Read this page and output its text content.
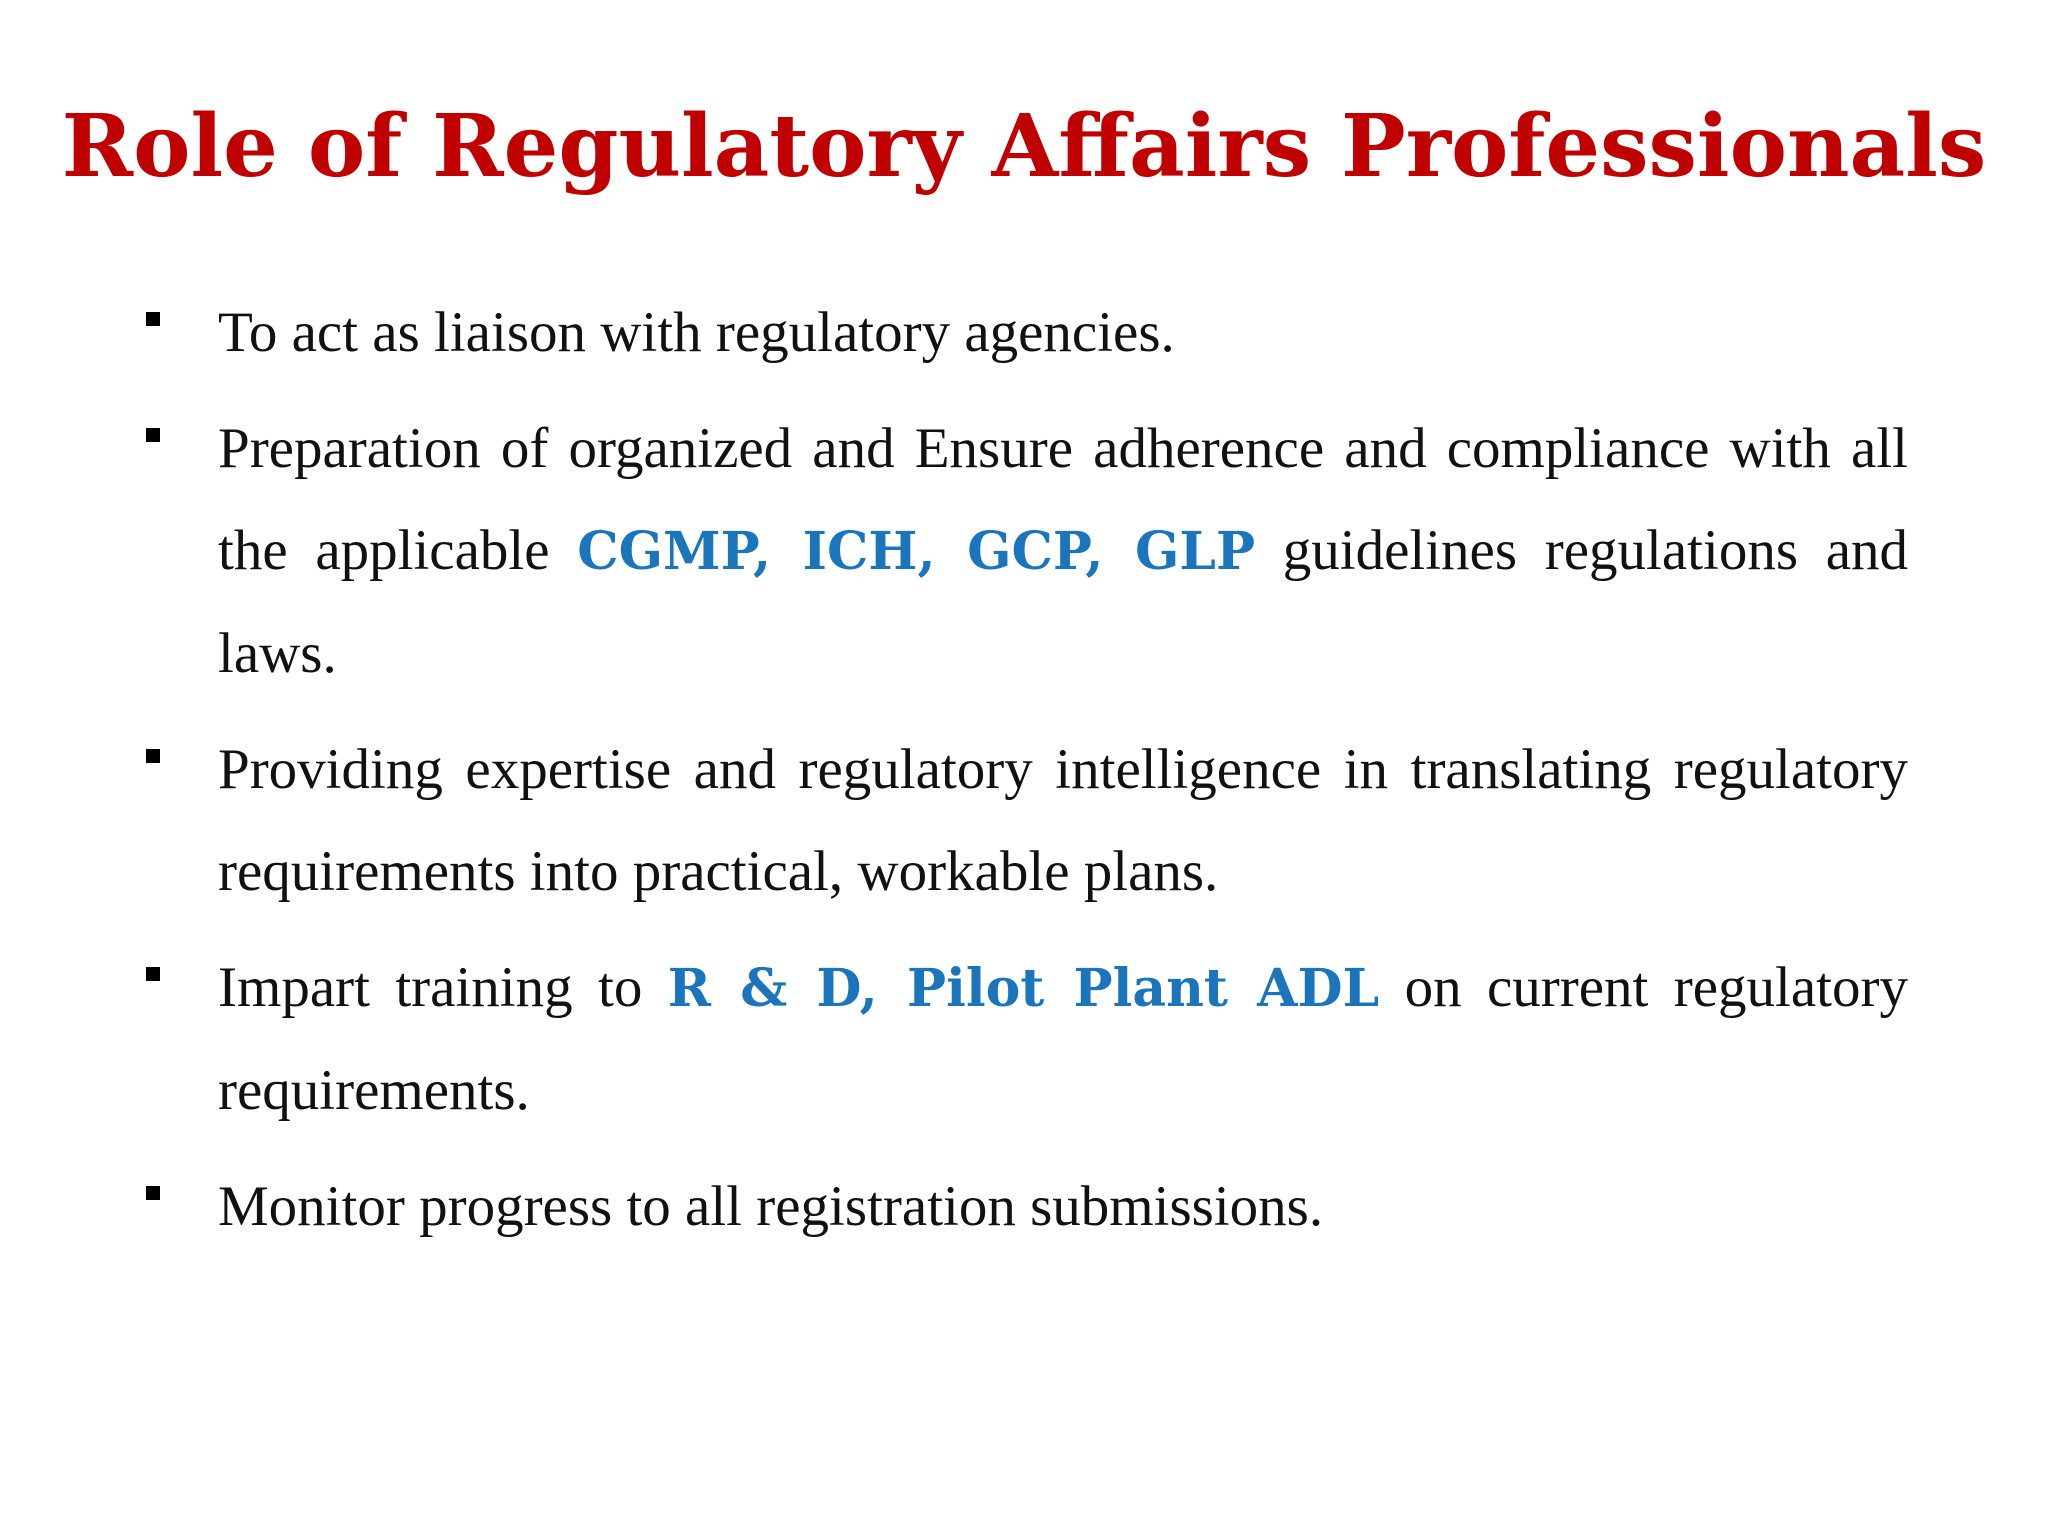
Role of Regulatory Affairs Professionals
To act as liaison with regulatory agencies.
Preparation of organized and Ensure adherence and compliance with all the applicable CGMP, ICH, GCP, GLP guidelines regulations and laws.
Providing expertise and regulatory intelligence in translating regulatory requirements into practical, workable plans.
Impart training to R & D, Pilot Plant ADL on current regulatory requirements.
Monitor progress to all registration submissions.
